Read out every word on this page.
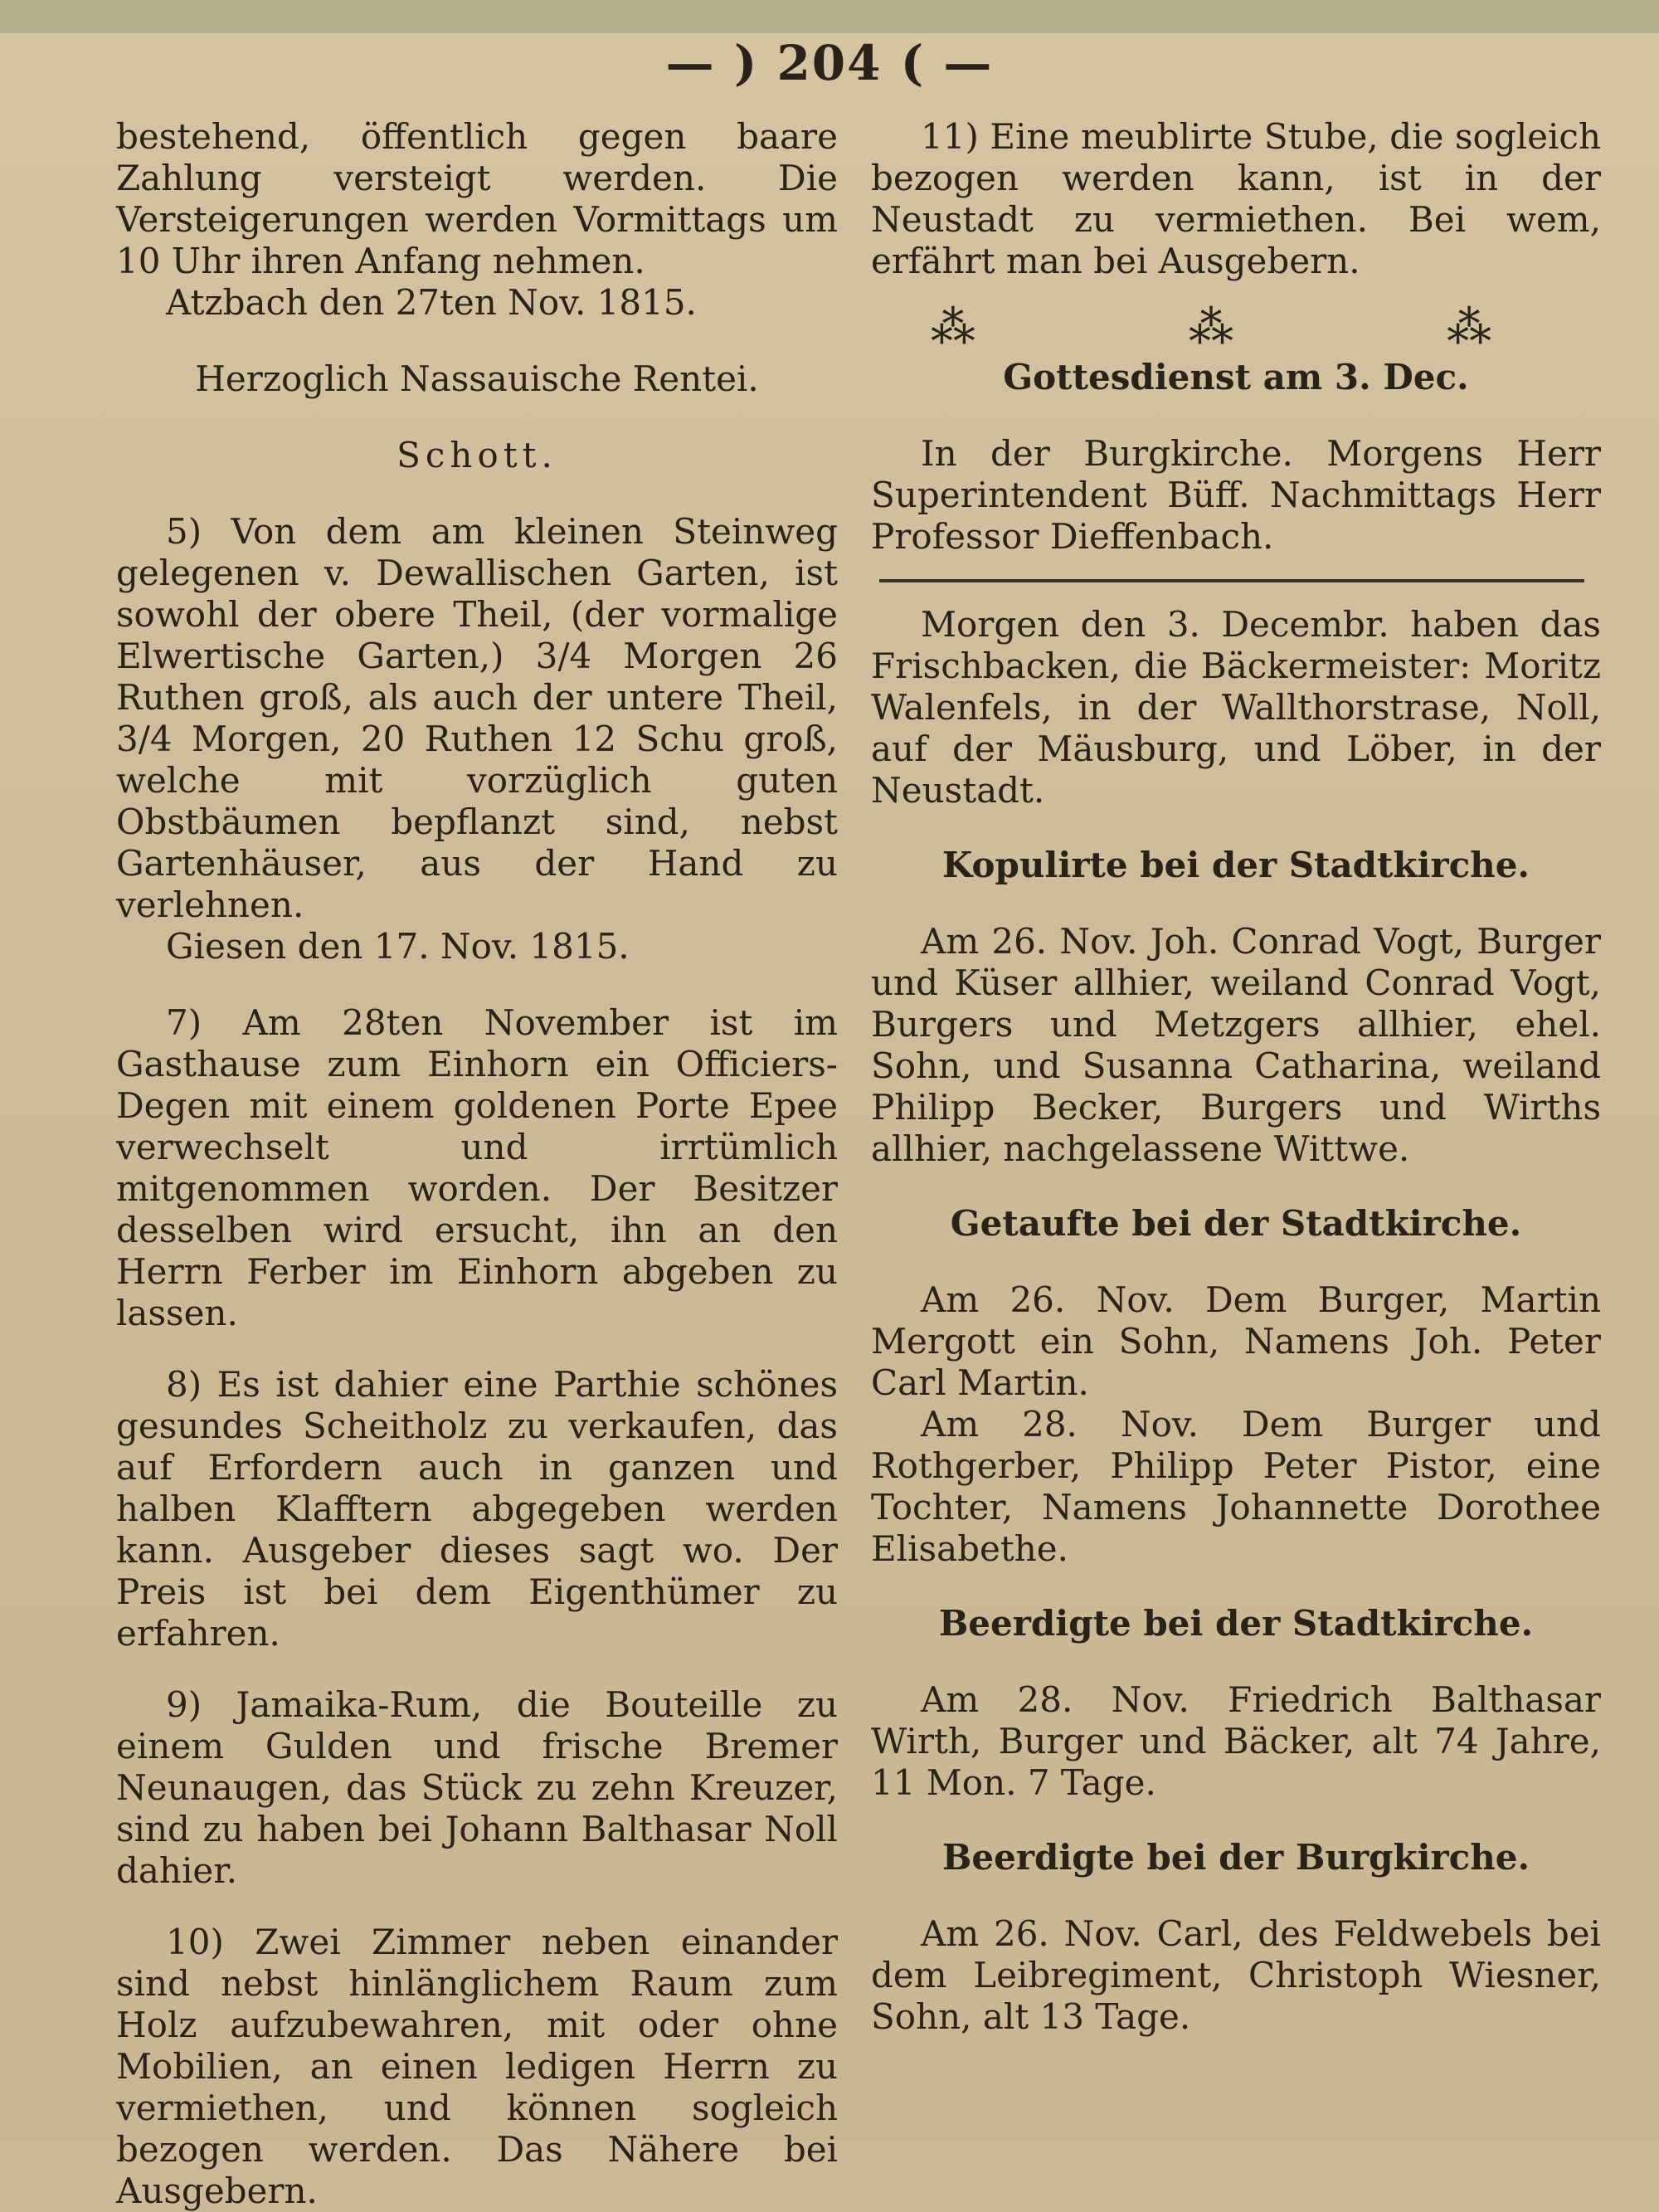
— ) 204 ( —

bestehend, öffentlich gegen baare Zahlung versteigt werden. Die Versteigerungen werden Vormittags um 10 Uhr ihren Anfang nehmen.

Atzbach den 27ten Nov. 1815.

Herzoglich Nassauische Rentei.

Schott.

5) Von dem am kleinen Steinweg gelegenen v. Dewallischen Garten, ist sowohl der obere Theil, (der vormalige Elwertische Garten,) 3/4 Morgen 26 Ruthen groß, als auch der untere Theil, 3/4 Morgen, 20 Ruthen 12 Schu groß, welche mit vorzüglich guten Obstbäumen bepflanzt sind, nebst Gartenhäuser, aus der Hand zu verlehnen.

Giesen den 17. Nov. 1815.

7) Am 28ten November ist im Gasthause zum Einhorn ein Officiers-Degen mit einem goldenen Porte Epee verwechselt und irrtümlich mitgenommen worden. Der Besitzer desselben wird ersucht, ihn an den Herrn Ferber im Einhorn abgeben zu lassen.

8) Es ist dahier eine Parthie schönes gesundes Scheitholz zu verkaufen, das auf Erfordern auch in ganzen und halben Klafftern abgegeben werden kann. Ausgeber dieses sagt wo. Der Preis ist bei dem Eigenthümer zu erfahren.

9) Jamaika-Rum, die Bouteille zu einem Gulden und frische Bremer Neunaugen, das Stück zu zehn Kreuzer, sind zu haben bei Johann Balthasar Noll dahier.

10) Zwei Zimmer neben einander sind nebst hinlänglichem Raum zum Holz aufzubewahren, mit oder ohne Mobilien, an einen ledigen Herrn zu vermiethen, und können sogleich bezogen werden. Das Nähere bei Ausgebern.

11) Eine meublirte Stube, die sogleich bezogen werden kann, ist in der Neustadt zu vermiethen. Bei wem, erfährt man bei Ausgebern.

⁂ ⁂ ⁂

Gottesdienst am 3. Dec.

In der Burgkirche. Morgens Herr Superintendent Büff. Nachmittags Herr Professor Dieffenbach.

Morgen den 3. Decembr. haben das Frischbacken, die Bäckermeister: Moritz Walenfels, in der Wallthorstrase, Noll, auf der Mäusburg, und Löber, in der Neustadt.

Kopulirte bei der Stadtkirche.

Am 26. Nov. Joh. Conrad Vogt, Burger und Küser allhier, weiland Conrad Vogt, Burgers und Metzgers allhier, ehel. Sohn, und Susanna Catharina, weiland Philipp Becker, Burgers und Wirths allhier, nachgelassene Wittwe.

Getaufte bei der Stadtkirche.

Am 26. Nov. Dem Burger, Martin Mergott ein Sohn, Namens Joh. Peter Carl Martin.

Am 28. Nov. Dem Burger und Rothgerber, Philipp Peter Pistor, eine Tochter, Namens Johannette Dorothee Elisabethe.

Beerdigte bei der Stadtkirche.

Am 28. Nov. Friedrich Balthasar Wirth, Burger und Bäcker, alt 74 Jahre, 11 Mon. 7 Tage.

Beerdigte bei der Burgkirche.

Am 26. Nov. Carl, des Feldwebels bei dem Leibregiment, Christoph Wiesner, Sohn, alt 13 Tage.
